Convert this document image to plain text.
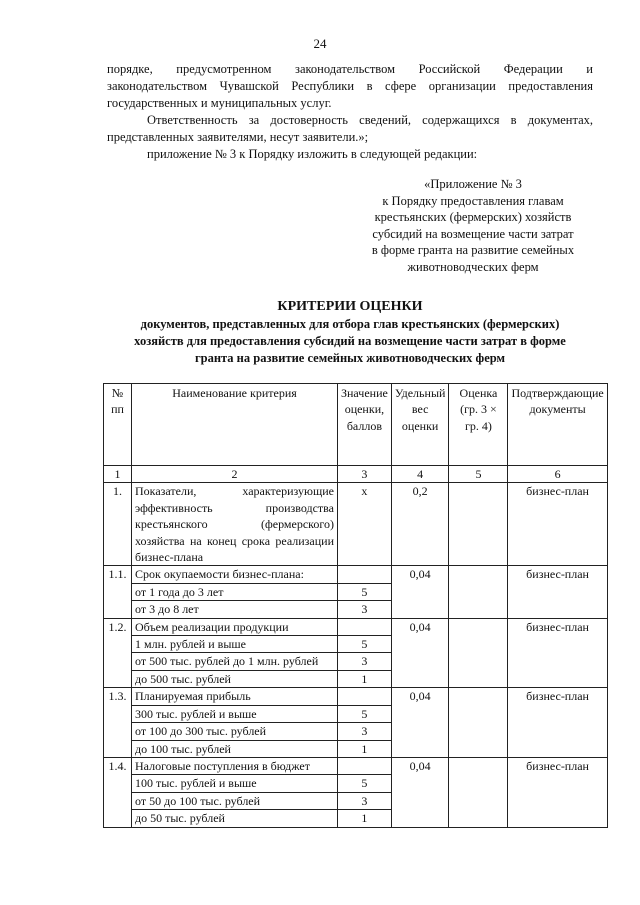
24
порядке, предусмотренном законодательством Российской Федерации и законодательством Чувашской Республики в сфере организации предоставления государственных и муниципальных услуг.
Ответственность за достоверность сведений, содержащихся в документах, представленных заявителями, несут заявители.»;
приложение № 3 к Порядку изложить в следующей редакции:
«Приложение № 3
к Порядку предоставления главам
крестьянских (фермерских) хозяйств
субсидий на возмещение части затрат
в форме гранта на развитие семейных
животноводческих ферм
КРИТЕРИИ ОЦЕНКИ
документов, представленных для отбора глав крестьянских (фермерских)
хозяйств для предоставления субсидий на возмещение части затрат в форме
гранта на развитие семейных животноводческих ферм
№ пп	Наименование критерия	Значение оценки, баллов	Удельный вес оценки	Оценка (гр. 3 × гр. 4)	Подтверждающие документы
1	2	3	4	5	6
1.	Показатели, характеризующие эффективность производства крестьянского (фермерского) хозяйства на конец срока реализации бизнес-плана	х	0,2		бизнес-план
1.1.	Срок окупаемости бизнес-плана:		0,04		бизнес-план
	от 1 года до 3 лет	5			
	от 3 до 8 лет	3			
1.2.	Объем реализации продукции		0,04		бизнес-план
	1 млн. рублей и выше	5			
	от 500 тыс. рублей до 1 млн. рублей	3			
	до 500 тыс. рублей	1			
1.3.	Планируемая прибыль		0,04		бизнес-план
	300 тыс. рублей и выше	5			
	от 100 до 300 тыс. рублей	3			
	до 100 тыс. рублей	1			
1.4.	Налоговые поступления в бюджет		0,04		бизнес-план
	100 тыс. рублей и выше	5			
	от 50 до 100 тыс. рублей	3			
	до 50 тыс. рублей	1			
